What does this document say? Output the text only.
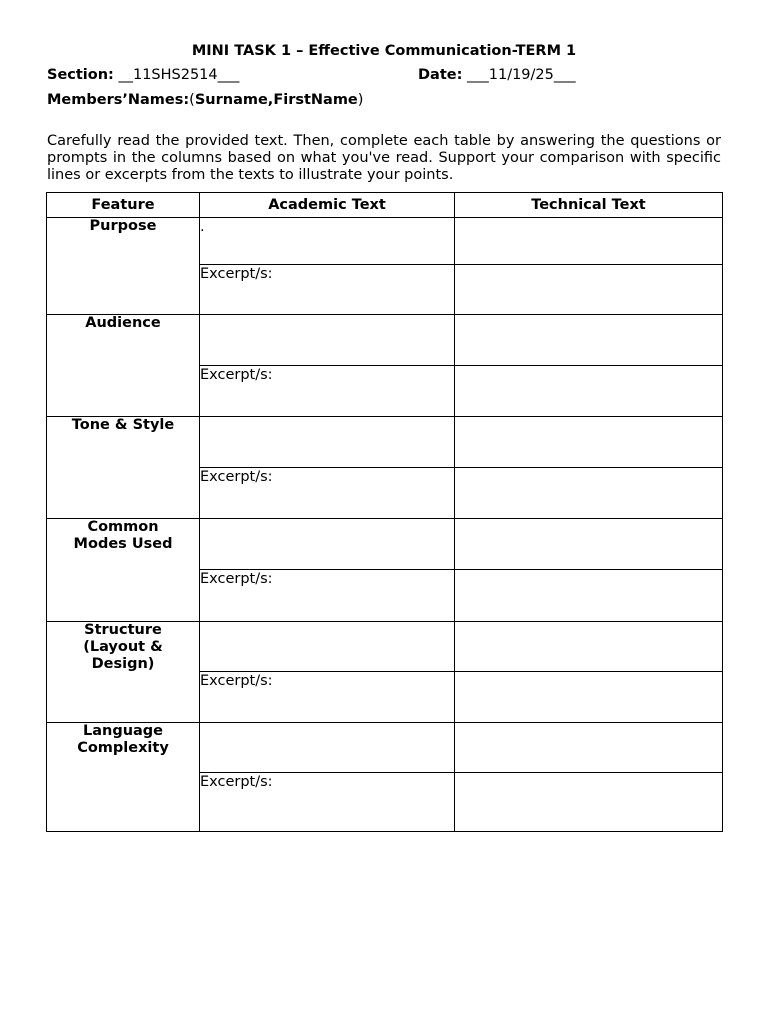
MINI TASK 1 – Effective Communication-TERM 1
Section: __11SHS2514___	Date: ___11/19/25___
Members’Names:(Surname,FirstName)
Carefully read the provided text. Then, complete each table by answering the questions or prompts in the columns based on what you've read. Support your comparison with specific lines or excerpts from the texts to illustrate your points.
Feature	Academic Text	Technical Text
Purpose	.	

	Excerpt/s:	

Audience	

	Excerpt/s:	

Tone & Style	

	Excerpt/s:	

Common
Modes Used	

	Excerpt/s:	

Structure
(Layout &
Design)	

	Excerpt/s:	

Language
Complexity	

	Excerpt/s:	
